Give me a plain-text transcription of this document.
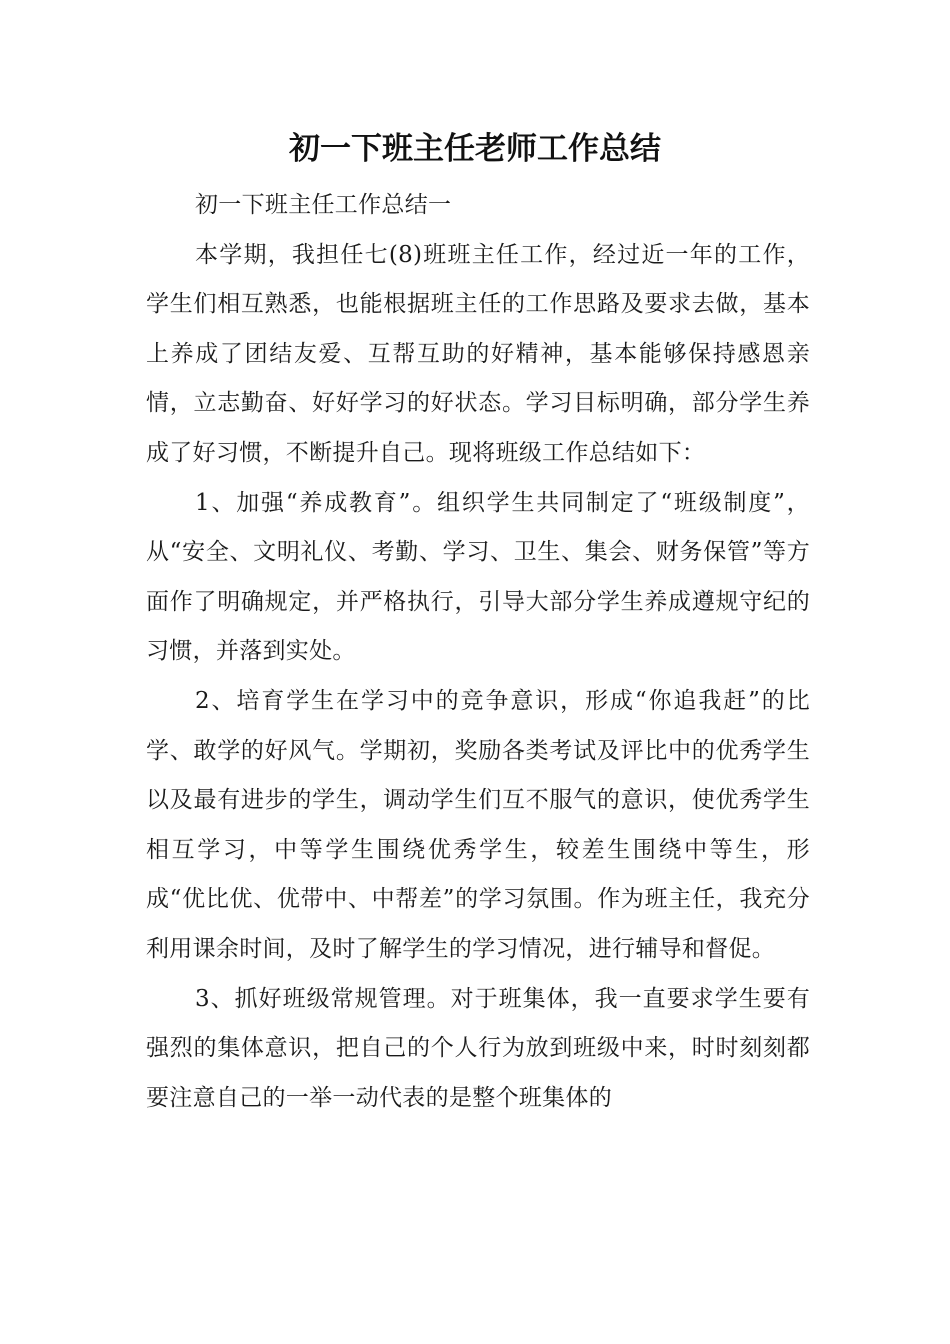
初一下班主任老师工作总结

初一下班主任工作总结一

本学期，我担任七(8)班班主任工作，经过近一年的工作，学生们相互熟悉，也能根据班主任的工作思路及要求去做，基本上养成了团结友爱、互帮互助的好精神，基本能够保持感恩亲情，立志勤奋、好好学习的好状态。学习目标明确，部分学生养成了好习惯，不断提升自己。现将班级工作总结如下：

1、加强“养成教育”。组织学生共同制定了“班级制度”，从“安全、文明礼仪、考勤、学习、卫生、集会、财务保管”等方面作了明确规定，并严格执行，引导大部分学生养成遵规守纪的习惯，并落到实处。

2、培育学生在学习中的竞争意识，形成“你追我赶”的比学、敢学的好风气。学期初，奖励各类考试及评比中的优秀学生以及最有进步的学生，调动学生们互不服气的意识，使优秀学生相互学习，中等学生围绕优秀学生，较差生围绕中等生，形成“优比优、优带中、中帮差”的学习氛围。作为班主任，我充分利用课余时间，及时了解学生的学习情况，进行辅导和督促。

3、抓好班级常规管理。对于班集体，我一直要求学生要有强烈的集体意识，把自己的个人行为放到班级中来，时时刻刻都要注意自己的一举一动代表的是整个班集体的
